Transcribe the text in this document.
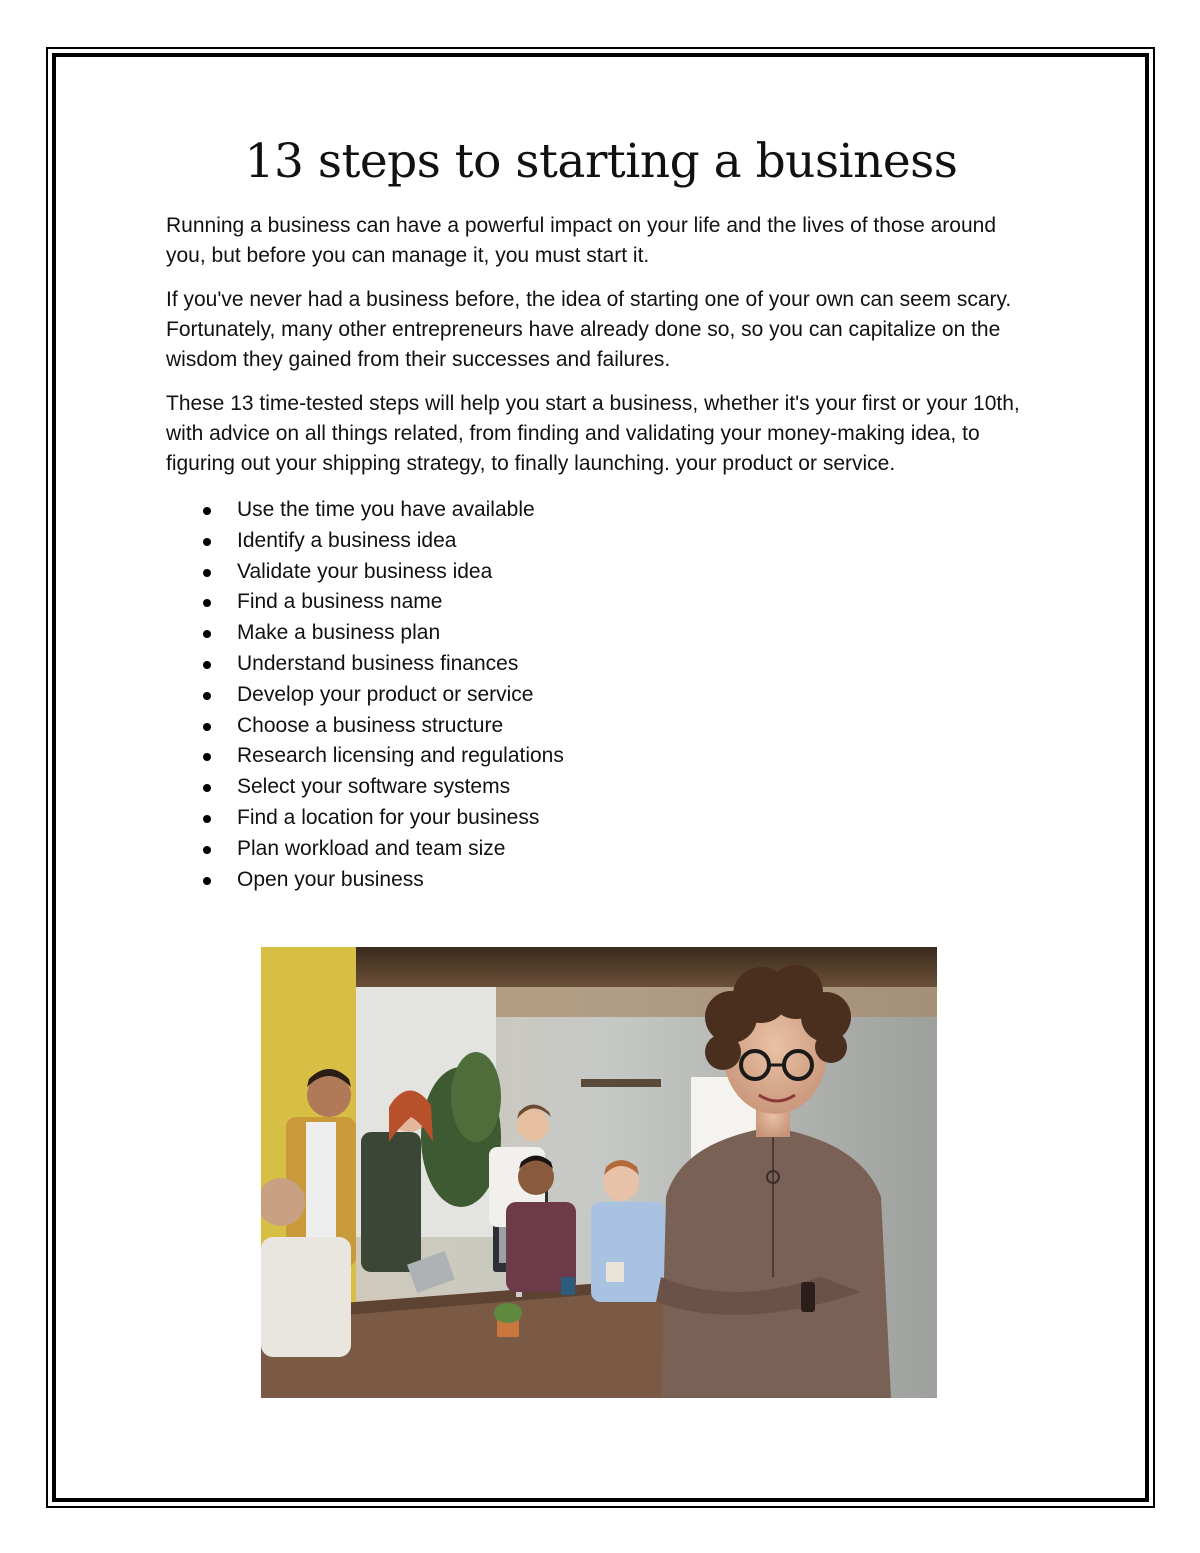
13 steps to starting a business

Running a business can have a powerful impact on your life and the lives of those around you, but before you can manage it, you must start it.

If you've never had a business before, the idea of starting one of your own can seem scary. Fortunately, many other entrepreneurs have already done so, so you can capitalize on the wisdom they gained from their successes and failures.

These 13 time-tested steps will help you start a business, whether it's your first or your 10th, with advice on all things related, from finding and validating your money-making idea, to figuring out your shipping strategy, to finally launching. your product or service.

Use the time you have available
Identify a business idea
Validate your business idea
Find a business name
Make a business plan
Understand business finances
Develop your product or service
Choose a business structure
Research licensing and regulations
Select your software systems
Find a location for your business
Plan workload and team size
Open your business
